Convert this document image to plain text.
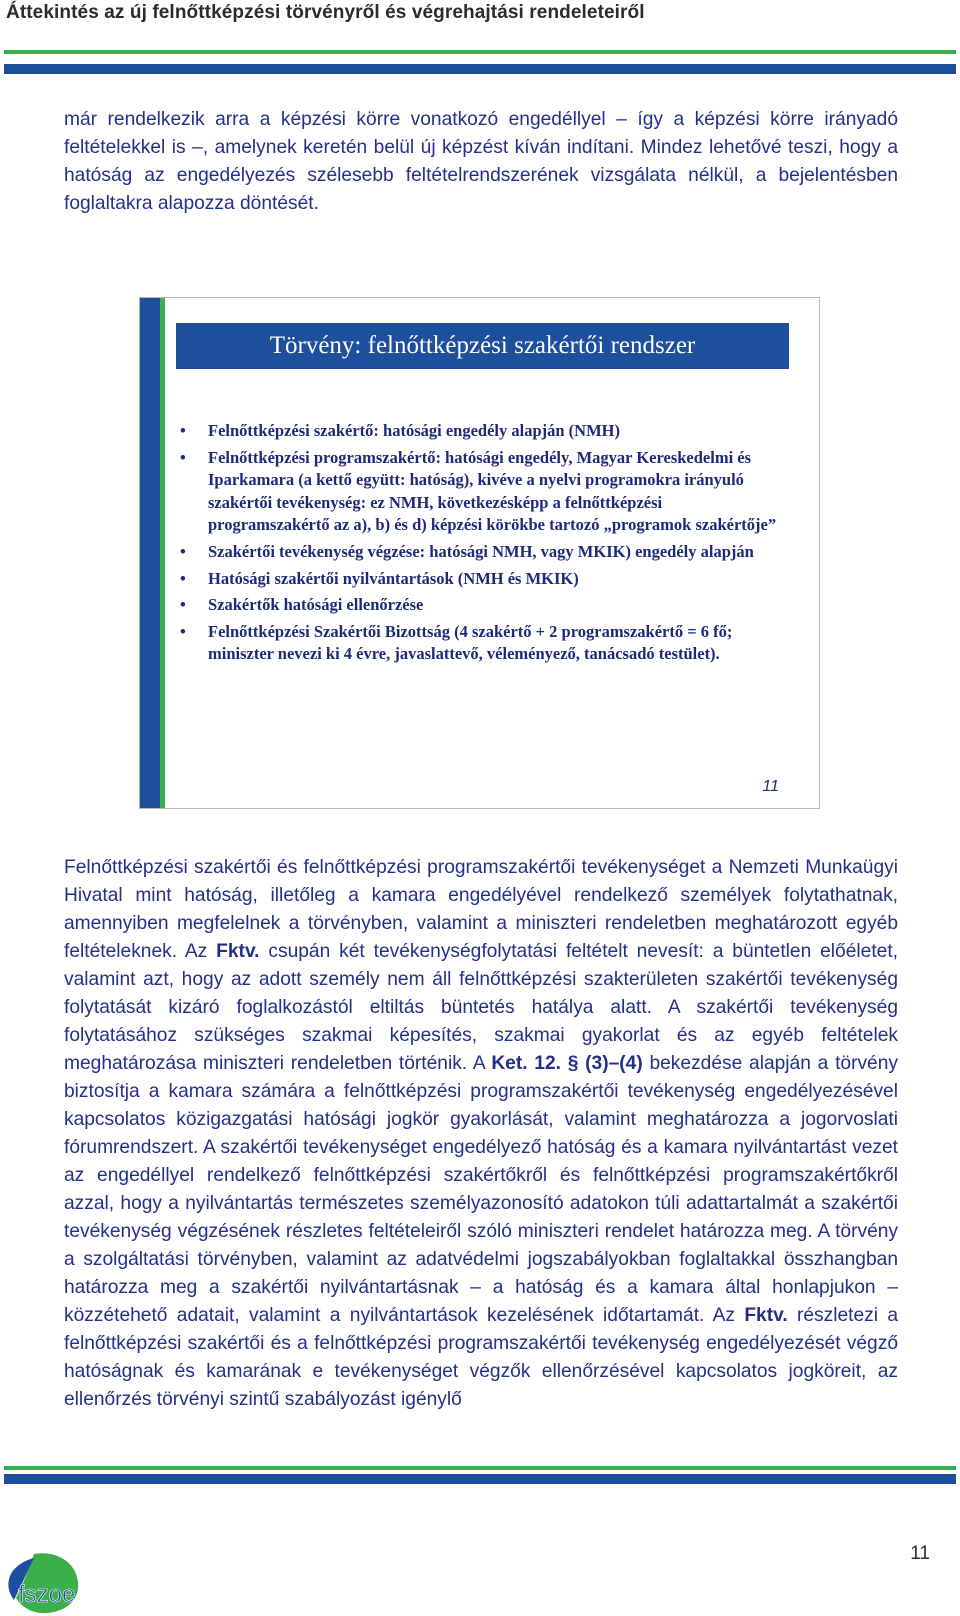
Áttekintés az új felnőttképzési törvényről és végrehajtási rendeleteiről

már rendelkezik arra a képzési körre vonatkozó engedéllyel – így a képzési körre irányadó feltételekkel is –, amelynek keretén belül új képzést kíván indítani. Mindez lehetővé teszi, hogy a hatóság az engedélyezés szélesebb feltételrendszerének vizsgálata nélkül, a bejelentésben foglaltakra alapozza döntését.

Törvény: felnőttképzési szakértői rendszer
• Felnőttképzési szakértő: hatósági engedély alapján (NMH)
• Felnőttképzési programszakértő: hatósági engedély, Magyar Kereskedelmi és Iparkamara (a kettő együtt: hatóság), kivéve a nyelvi programokra irányuló szakértői tevékenység: ez NMH, következésképp a felnőttképzési programszakértő az a), b) és d) képzési körökbe tartozó „programok szakértője”
• Szakértői tevékenység végzése: hatósági NMH, vagy MKIK) engedély alapján
• Hatósági szakértői nyilvántartások (NMH és MKIK)
• Szakértők hatósági ellenőrzése
• Felnőttképzési Szakértői Bizottság (4 szakértő + 2 programszakértő = 6 fő; miniszter nevezi ki 4 évre, javaslattevő, véleményező, tanácsadó testület).
11

Felnőttképzési szakértői és felnőttképzési programszakértői tevékenységet a Nemzeti Munkaügyi Hivatal mint hatóság, illetőleg a kamara engedélyével rendelkező személyek folytathatnak, amennyiben megfelelnek a törvényben, valamint a miniszteri rendeletben meghatározott egyéb feltételeknek. Az Fktv. csupán két tevékenységfolytatási feltételt nevesít: a büntetlen előéletet, valamint azt, hogy az adott személy nem áll felnőttképzési szakterületen szakértői tevékenység folytatását kizáró foglalkozástól eltiltás büntetés hatálya alatt. A szakértői tevékenység folytatásához szükséges szakmai képesítés, szakmai gyakorlat és az egyéb feltételek meghatározása miniszteri rendeletben történik. A Ket. 12. § (3)–(4) bekezdése alapján a törvény biztosítja a kamara számára a felnőttképzési programszakértői tevékenység engedélyezésével kapcsolatos közigazgatási hatósági jogkör gyakorlását, valamint meghatározza a jogorvoslati fórumrendszert. A szakértői tevékenységet engedélyező hatóság és a kamara nyilvántartást vezet az engedéllyel rendelkező felnőttképzési szakértőkről és felnőttképzési programszakértőkről azzal, hogy a nyilvántartás természetes személyazonosító adatokon túli adattartalmát a szakértői tevékenység végzésének részletes feltételeiről szóló miniszteri rendelet határozza meg. A törvény a szolgáltatási törvényben, valamint az adatvédelmi jogszabályokban foglaltakkal összhangban határozza meg a szakértői nyilvántartásnak – a hatóság és a kamara által honlapjukon – közzétehető adatait, valamint a nyilvántartások kezelésének időtartamát. Az Fktv. részletezi a felnőttképzési szakértői és a felnőttképzési programszakértői tevékenység engedélyezését végző hatóságnak és kamarának e tevékenységet végzők ellenőrzésével kapcsolatos jogköreit, az ellenőrzés törvényi szintű szabályozást igénylő

11
fszoe
